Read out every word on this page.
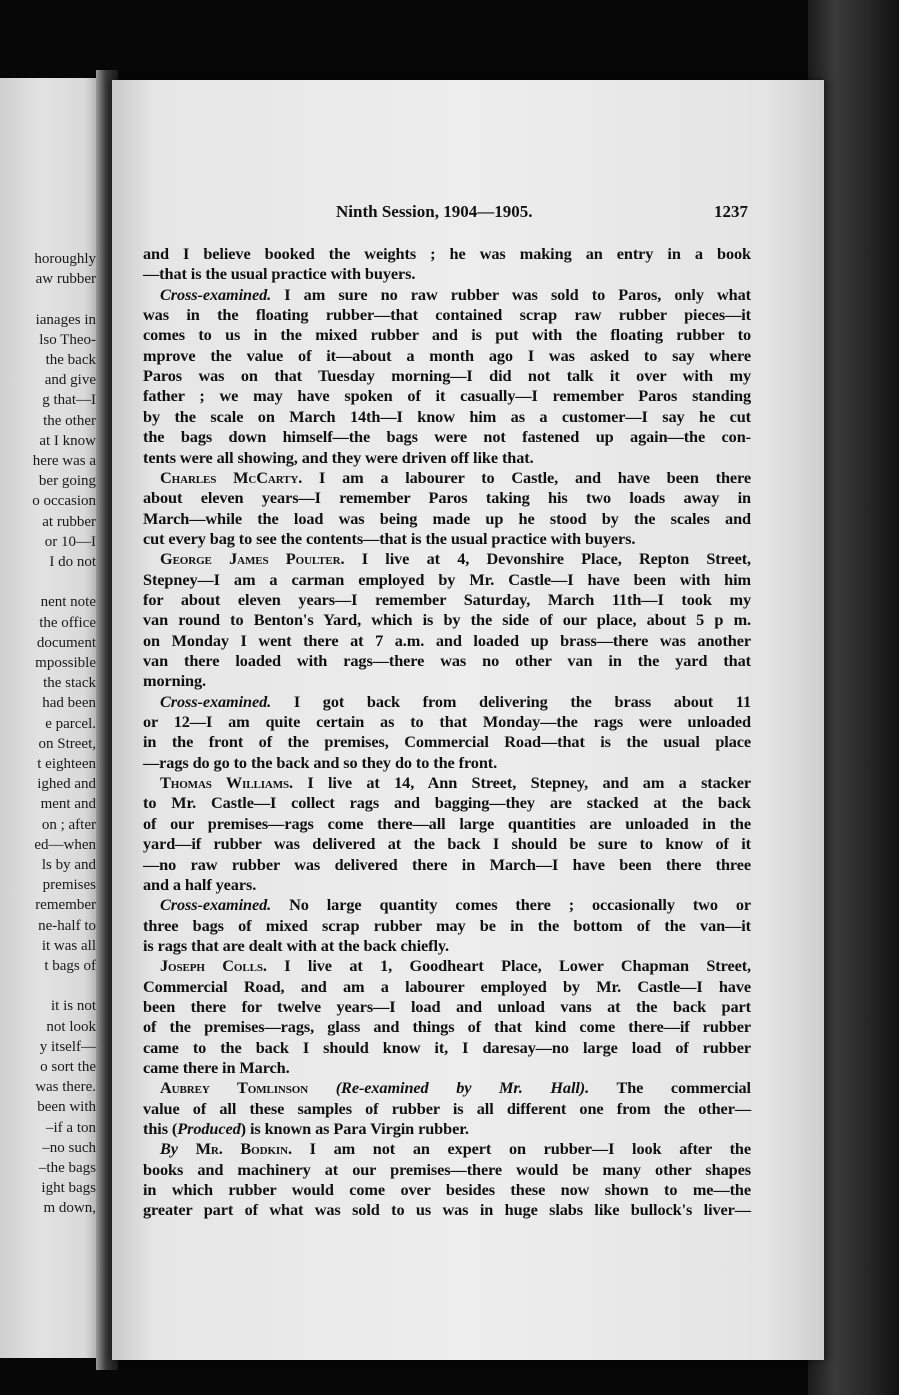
horoughly
aw rubber
ianages in
lso Theo-
the back
and give
g that—I
the other
at I know
here was a
ber going
o occasion
at rubber
or 10—I
I do not
nent note
the office
document
mpossible
the stack
had been
e parcel.
on Street,
t eighteen
ighed and
ment and
on ; after
ed—when
ls by and
premises
remember
ne-half to
it was all
t bags of
it is not
not look
y itself—
o sort the
was there.
been with
–if a ton
–no such
–the bags
ight bags
m down,
Ninth Session, 1904—1905.	1237
and I believe booked the weights ; he was making an entry in a book
—that is the usual practice with buyers.
Cross-examined. I am sure no raw rubber was sold to Paros, only what
was in the floating rubber—that contained scrap raw rubber pieces—it
comes to us in the mixed rubber and is put with the floating rubber to
mprove the value of it—about a month ago I was asked to say where
Paros was on that Tuesday morning—I did not talk it over with my
father ; we may have spoken of it casually—I remember Paros standing
by the scale on March 14th—I know him as a customer—I say he cut
the bags down himself—the bags were not fastened up again—the con-
tents were all showing, and they were driven off like that.
Charles McCarty. I am a labourer to Castle, and have been there
about eleven years—I remember Paros taking his two loads away in
March—while the load was being made up he stood by the scales and
cut every bag to see the contents—that is the usual practice with buyers.
George James Poulter. I live at 4, Devonshire Place, Repton Street,
Stepney—I am a carman employed by Mr. Castle—I have been with him
for about eleven years—I remember Saturday, March 11th—I took my
van round to Benton's Yard, which is by the side of our place, about 5 p m.
on Monday I went there at 7 a.m. and loaded up brass—there was another
van there loaded with rags—there was no other van in the yard that
morning.
Cross-examined. I got back from delivering the brass about 11
or 12—I am quite certain as to that Monday—the rags were unloaded
in the front of the premises, Commercial Road—that is the usual place
—rags do go to the back and so they do to the front.
Thomas Williams. I live at 14, Ann Street, Stepney, and am a stacker
to Mr. Castle—I collect rags and bagging—they are stacked at the back
of our premises—rags come there—all large quantities are unloaded in the
yard—if rubber was delivered at the back I should be sure to know of it
—no raw rubber was delivered there in March—I have been there three
and a half years.
Cross-examined. No large quantity comes there ; occasionally two or
three bags of mixed scrap rubber may be in the bottom of the van—it
is rags that are dealt with at the back chiefly.
Joseph Colls. I live at 1, Goodheart Place, Lower Chapman Street,
Commercial Road, and am a labourer employed by Mr. Castle—I have
been there for twelve years—I load and unload vans at the back part
of the premises—rags, glass and things of that kind come there—if rubber
came to the back I should know it, I daresay—no large load of rubber
came there in March.
Aubrey Tomlinson (Re-examined by Mr. Hall). The commercial
value of all these samples of rubber is all different one from the other—
this (Produced) is known as Para Virgin rubber.
By Mr. Bodkin. I am not an expert on rubber—I look after the
books and machinery at our premises—there would be many other shapes
in which rubber would come over besides these now shown to me—the
greater part of what was sold to us was in huge slabs like bullock's liver—
